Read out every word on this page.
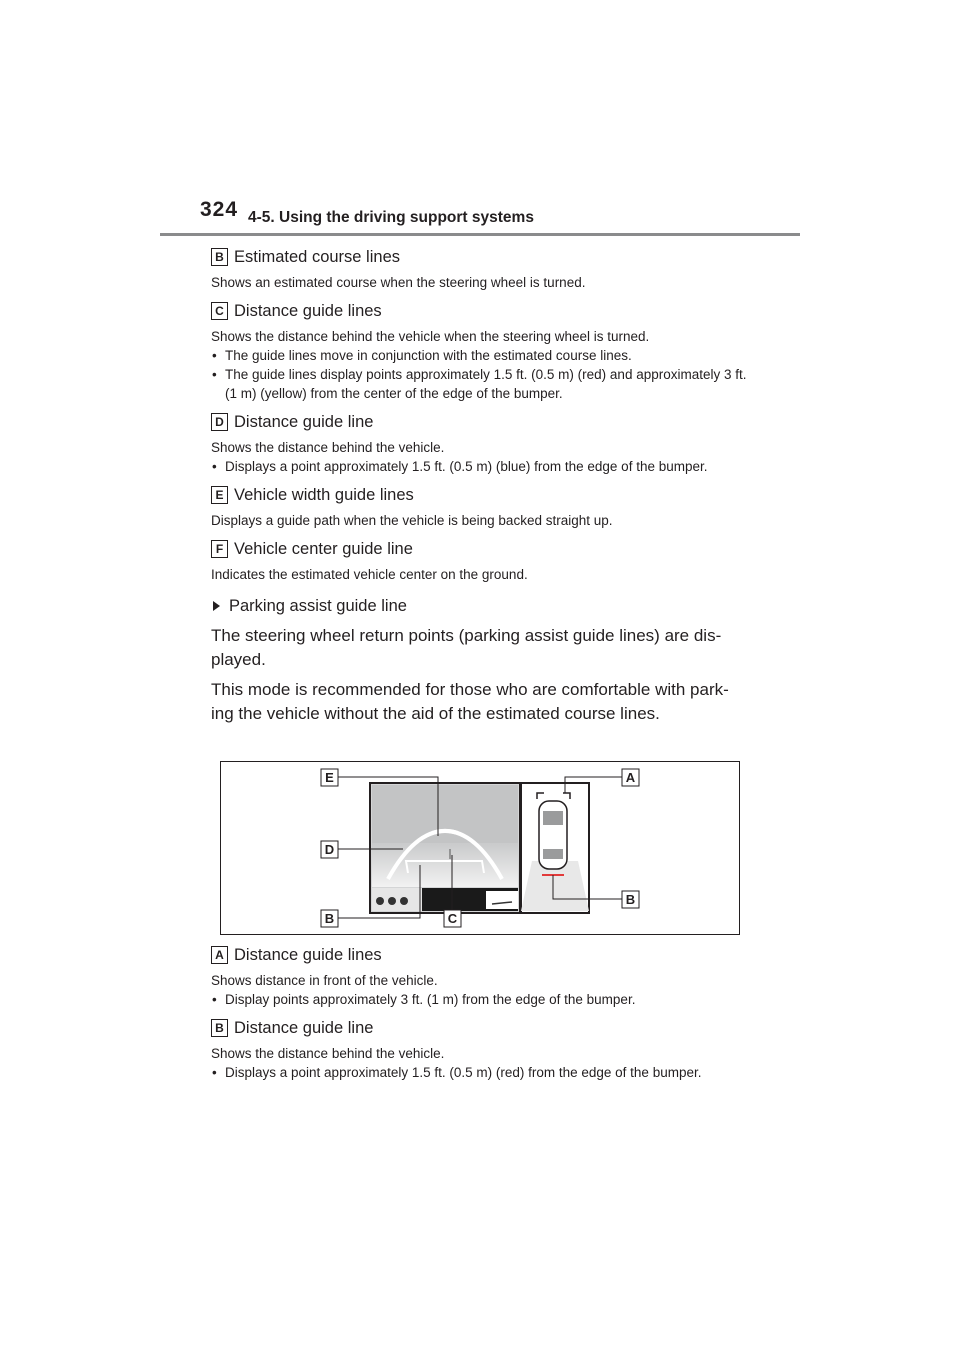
324 4-5. Using the driving support systems
B Estimated course lines
Shows an estimated course when the steering wheel is turned.
C Distance guide lines
Shows the distance behind the vehicle when the steering wheel is turned.
• The guide lines move in conjunction with the estimated course lines.
• The guide lines display points approximately 1.5 ft. (0.5 m) (red) and approximately 3 ft. (1 m) (yellow) from the center of the edge of the bumper.
D Distance guide line
Shows the distance behind the vehicle.
• Displays a point approximately 1.5 ft. (0.5 m) (blue) from the edge of the bumper.
E Vehicle width guide lines
Displays a guide path when the vehicle is being backed straight up.
F Vehicle center guide line
Indicates the estimated vehicle center on the ground.
Parking assist guide line
The steering wheel return points (parking assist guide lines) are dis-played.
This mode is recommended for those who are comfortable with park-ing the vehicle without the aid of the estimated course lines.
E	A
D
B
B	C
A Distance guide lines
Shows distance in front of the vehicle.
• Display points approximately 3 ft. (1 m) from the edge of the bumper.
B Distance guide line
Shows the distance behind the vehicle.
• Displays a point approximately 1.5 ft. (0.5 m) (red) from the edge of the bumper.
